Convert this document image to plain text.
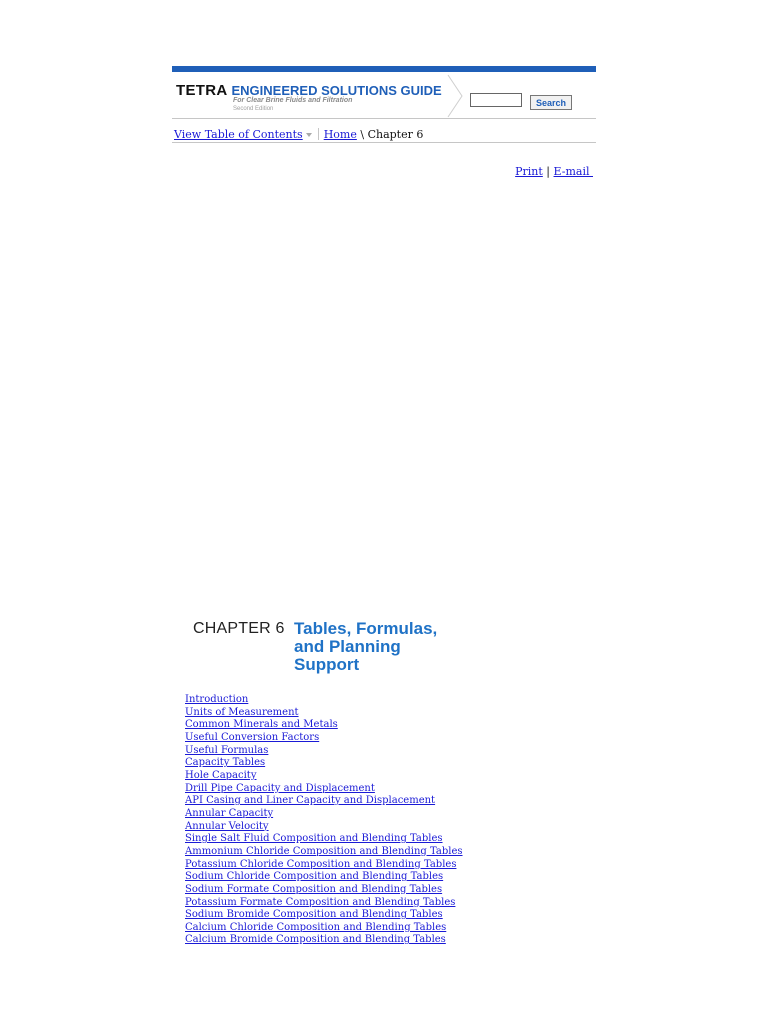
TETRA ENGINEERED SOLUTIONS GUIDE
For Clear Brine Fluids and Filtration
Second Edition
Search
View Table of Contents Home \ Chapter 6
Print | E-mail
CHAPTER 6 Tables, Formulas,
and Planning
Support
Introduction
Units of Measurement
Common Minerals and Metals
Useful Conversion Factors
Useful Formulas
Capacity Tables
Hole Capacity
Drill Pipe Capacity and Displacement
API Casing and Liner Capacity and Displacement
Annular Capacity
Annular Velocity
Single Salt Fluid Composition and Blending Tables
Ammonium Chloride Composition and Blending Tables
Potassium Chloride Composition and Blending Tables
Sodium Chloride Composition and Blending Tables
Sodium Formate Composition and Blending Tables
Potassium Formate Composition and Blending Tables
Sodium Bromide Composition and Blending Tables
Calcium Chloride Composition and Blending Tables
Calcium Bromide Composition and Blending Tables
